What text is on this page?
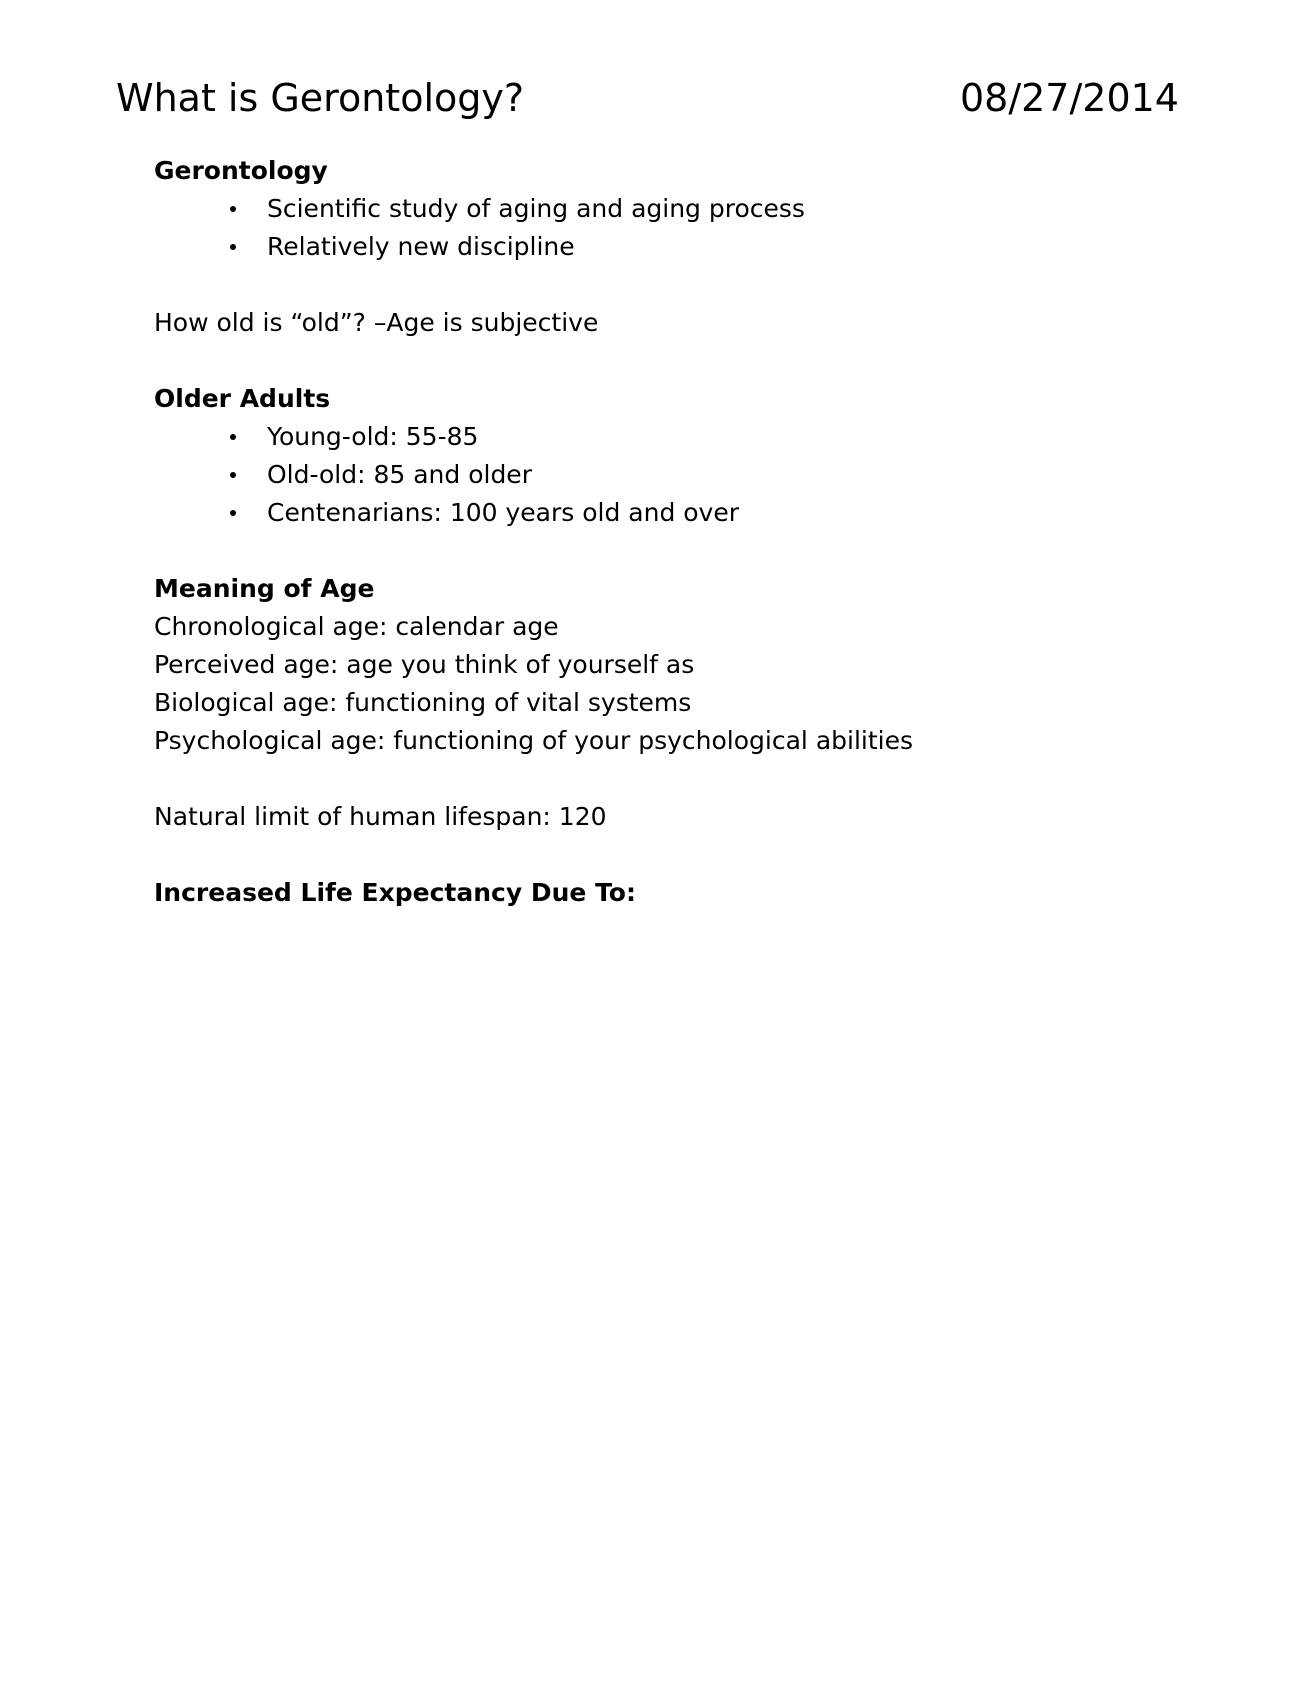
What is Gerontology?	08/27/2014
Gerontology
Scientific study of aging and aging process
Relatively new discipline
How old is “old”? –Age is subjective
Older Adults
Young-old: 55-85
Old-old: 85 and older
Centenarians: 100 years old and over
Meaning of Age
Chronological age: calendar age
Perceived age: age you think of yourself as
Biological age: functioning of vital systems
Psychological age: functioning of your psychological abilities
Natural limit of human lifespan: 120
Increased Life Expectancy Due To:
